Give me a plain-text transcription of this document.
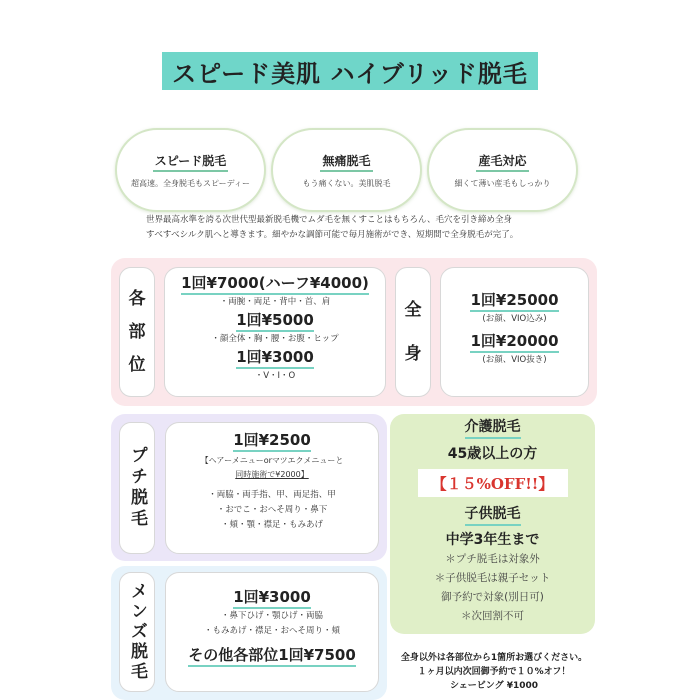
スピード美肌 ハイブリッド脱毛
スピード脱毛
超高速。全身脱毛もスピーディー
無痛脱毛
もう痛くない。美肌脱毛
産毛対応
細くて薄い産毛もしっかり
世界最高水準を誇る次世代型最新脱毛機でムダ毛を無くすことはもちろん、毛穴を引き締め全身
すべすべシルク肌へと導きます。細やかな調節可能で毎月施術ができ、短期間で全身脱毛が完了。
各
部
位
1回¥7000(ハーフ¥4000)
・両腕・両足・背中・首、肩
1回¥5000
・顔全体・胸・腰・お腹・ヒップ
1回¥3000
・V・I・O
全
身
1回¥25000
(お顔、VIO込み)
1回¥20000
(お顔、VIO抜き)
プチ脱毛
1回¥2500
【ヘアーメニューorマツエクメニューと
同時施術で¥2000】
・両脇・両手指、甲、両足指、甲
・おでこ・おへそ周り・鼻下
・頬・顎・襟足・もみあげ
メンズ脱毛	1回¥3000
・鼻下ひげ・顎ひげ・両脇
・もみあげ・襟足・おへそ周り・頬
その他各部位1回¥7500
介護脱毛
45歳以上の方
【１５%OFF!!】
子供脱毛
中学3年生まで
＊プチ脱毛は対象外
＊子供脱毛は親子セット
御予約で対象(別日可)
＊次回割不可
全身以外は各部位から1箇所お選びください。
１ヶ月以内次回御予約で１０%オフ！
シェービング ¥1000
